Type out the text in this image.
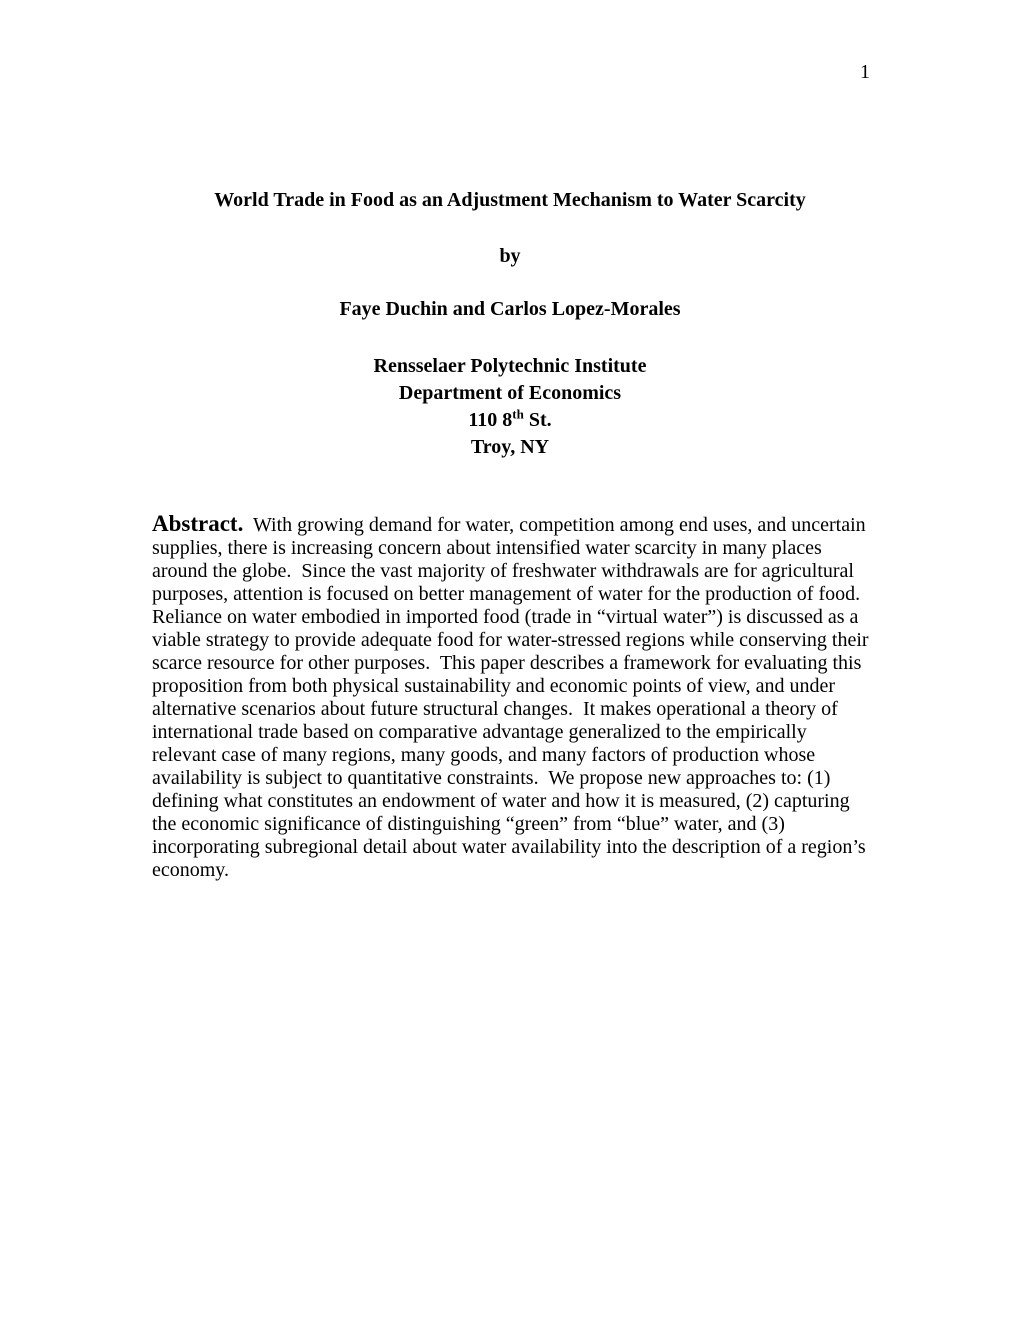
1
World Trade in Food as an Adjustment Mechanism to Water Scarcity
by
Faye Duchin and Carlos Lopez-Morales
Rensselaer Polytechnic Institute
Department of Economics
110 8th St.
Troy, NY
Abstract.  With growing demand for water, competition among end uses, and uncertain
supplies, there is increasing concern about intensified water scarcity in many places
around the globe.  Since the vast majority of freshwater withdrawals are for agricultural
purposes, attention is focused on better management of water for the production of food.
Reliance on water embodied in imported food (trade in “virtual water”) is discussed as a
viable strategy to provide adequate food for water-stressed regions while conserving their
scarce resource for other purposes.  This paper describes a framework for evaluating this
proposition from both physical sustainability and economic points of view, and under
alternative scenarios about future structural changes.  It makes operational a theory of
international trade based on comparative advantage generalized to the empirically
relevant case of many regions, many goods, and many factors of production whose
availability is subject to quantitative constraints.  We propose new approaches to: (1)
defining what constitutes an endowment of water and how it is measured, (2) capturing
the economic significance of distinguishing “green” from “blue” water, and (3)
incorporating subregional detail about water availability into the description of a region’s
economy.
